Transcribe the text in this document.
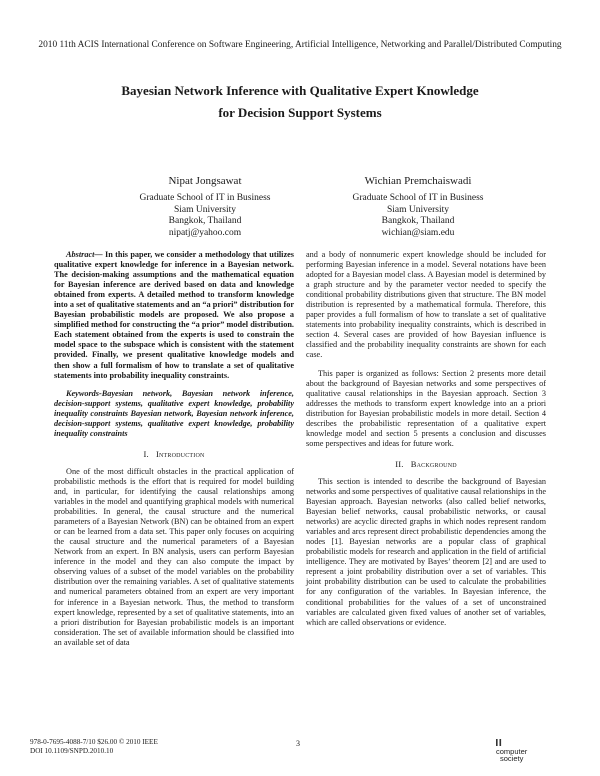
2010 11th ACIS International Conference on Software Engineering, Artificial Intelligence, Networking and Parallel/Distributed Computing
Bayesian Network Inference with Qualitative Expert Knowledge
for Decision Support Systems
Nipat Jongsawat
Graduate School of IT in Business
Siam University
Bangkok, Thailand
nipatj@yahoo.com
Wichian Premchaiswadi
Graduate School of IT in Business
Siam University
Bangkok, Thailand
wichian@siam.edu

Abstract— In this paper, we consider a methodology that utilizes qualitative expert knowledge for inference in a Bayesian network. The decision-making assumptions and the mathematical equation for Bayesian inference are derived based on data and knowledge obtained from experts. A detailed method to transform knowledge into a set of qualitative statements and an “a priori” distribution for Bayesian probabilistic models are proposed. We also propose a simplified method for constructing the “a prior” model distribution. Each statement obtained from the experts is used to constrain the model space to the subspace which is consistent with the statement provided. Finally, we present qualitative knowledge models and then show a full formalism of how to translate a set of qualitative statements into probability inequality constraints.

Keywords-Bayesian network, Bayesian network inference, decision-support systems, qualitative expert knowledge, probability inequality constraints Bayesian network, Bayesian network inference, decision-support systems, qualitative expert knowledge, probability inequality constraints

I. Introduction

One of the most difficult obstacles in the practical application of probabilistic methods is the effort that is required for model building and, in particular, for identifying the causal relationships among variables in the model and quantifying graphical models with numerical probabilities. In general, the causal structure and the numerical parameters of a Bayesian Network (BN) can be obtained from an expert or can be learned from a data set. This paper only focuses on acquiring the causal structure and the numerical parameters of a Bayesian Network from an expert. In BN analysis, users can perform Bayesian inference in the model and they can also compute the impact by observing values of a subset of the model variables on the probability distribution over the remaining variables. A set of qualitative statements and numerical parameters obtained from an expert are very important for inference in a Bayesian network. Thus, the method to transform expert knowledge, represented by a set of qualitative statements, into an a priori distribution for Bayesian probabilistic models is an important consideration. The set of available information should be classified into an available set of data

and a body of nonnumeric expert knowledge should be included for performing Bayesian inference in a model. Several notations have been adopted for a Bayesian model class. A Bayesian model is determined by a graph structure and by the parameter vector needed to specify the conditional probability distributions given that structure. The BN model distribution is represented by a mathematical formula. Therefore, this paper provides a full formalism of how to translate a set of qualitative statements into probability inequality constraints, which is described in section 4. Several cases are provided of how Bayesian influence is classified and the probability inequality constraints are shown for each case.

This paper is organized as follows: Section 2 presents more detail about the background of Bayesian networks and some perspectives of qualitative causal relationships in the Bayesian approach. Section 3 addresses the methods to transform expert knowledge into an a priori distribution for Bayesian probabilistic models in more detail. Section 4 describes the probabilistic representation of a qualitative expert knowledge model and section 5 presents a conclusion and discusses some perspectives and ideas for future work.

II. Background

This section is intended to describe the background of Bayesian networks and some perspectives of qualitative causal relationships in the Bayesian approach. Bayesian networks (also called belief networks, Bayesian belief networks, causal probabilistic networks, or causal networks) are acyclic directed graphs in which nodes represent random variables and arcs represent direct probabilistic dependencies among the nodes [1]. Bayesian networks are a popular class of graphical probabilistic models for research and application in the field of artificial intelligence. They are motivated by Bayes’ theorem [2] and are used to represent a joint probability distribution over a set of variables. This joint probability distribution can be used to calculate the probabilities for any configuration of the variables. In Bayesian inference, the conditional probabilities for the values of a set of unconstrained variables are calculated given fixed values of another set of variables, which are called observations or evidence.

978-0-7695-4088-7/10 $26.00 © 2010 IEEE
DOI 10.1109/SNPD.2010.10
3
computer
society
